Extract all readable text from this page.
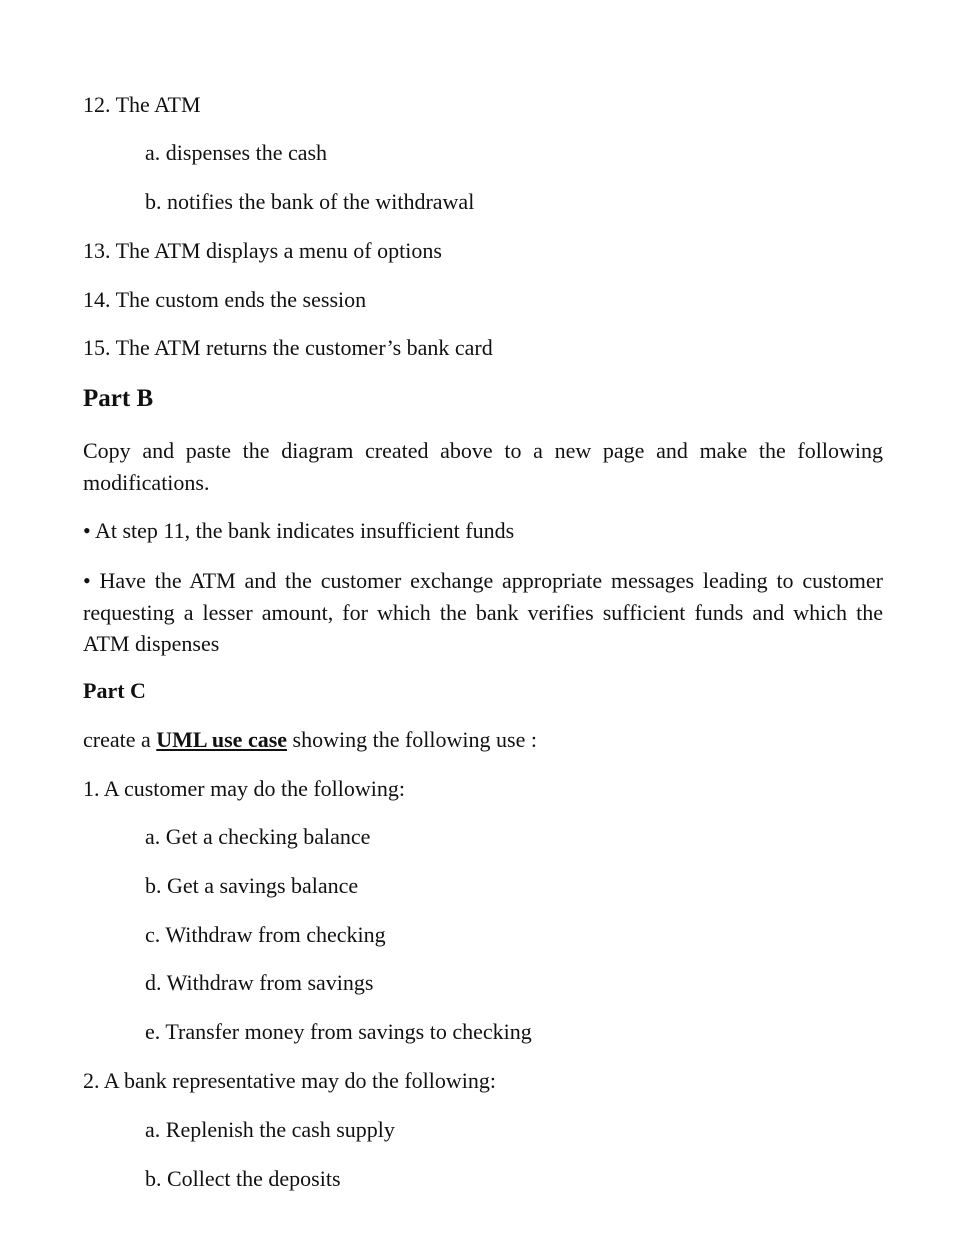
12. The ATM
a. dispenses the cash
b. notifies the bank of the withdrawal
13. The ATM displays a menu of options
14. The custom ends the session
15. The ATM returns the customer’s bank card
Part B
Copy and paste the diagram created above to a new page and make the following modifications.
• At step 11, the bank indicates insufficient funds
• Have the ATM and the customer exchange appropriate messages leading to customer requesting a lesser amount, for which the bank verifies sufficient funds and which the ATM dispenses
Part C
create a UML use case showing the following use :
1. A customer may do the following:
a. Get a checking balance
b. Get a savings balance
c. Withdraw from checking
d. Withdraw from savings
e. Transfer money from savings to checking
2. A bank representative may do the following:
a. Replenish the cash supply
b. Collect the deposits
